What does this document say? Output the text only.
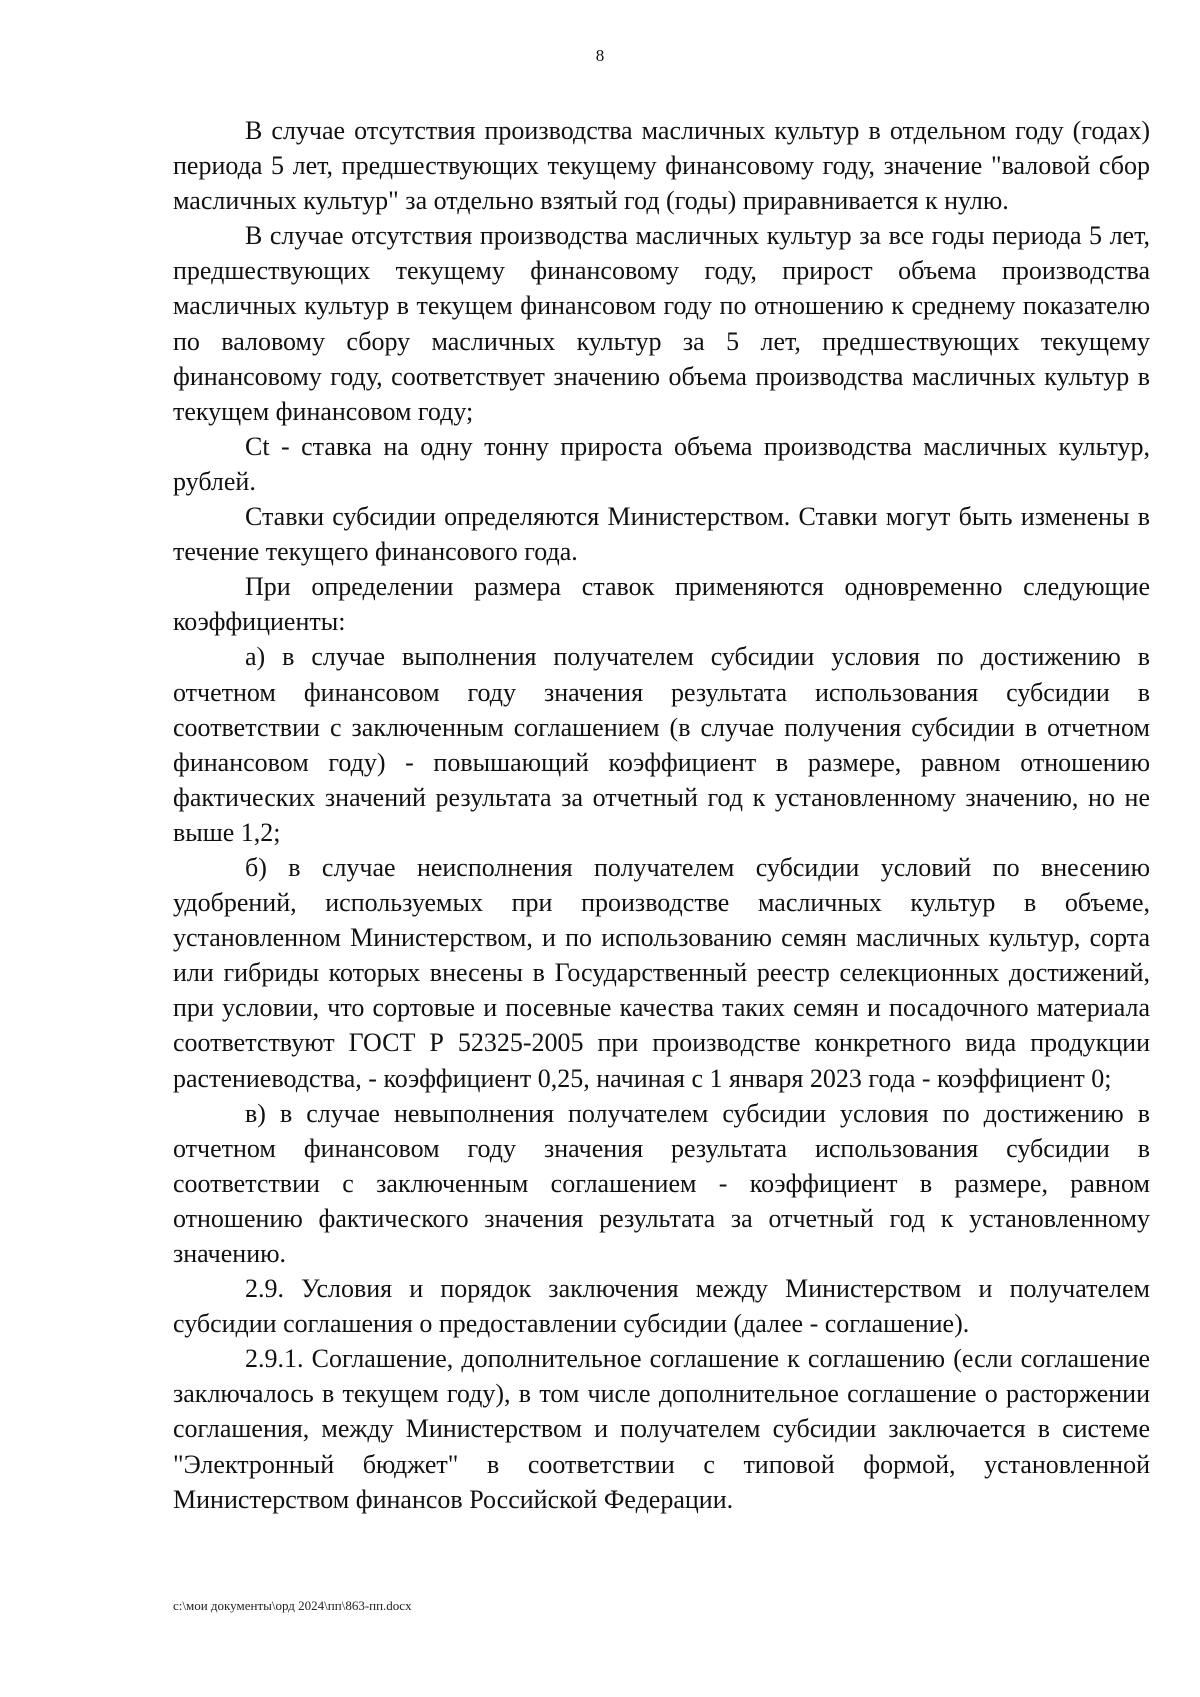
8

В случае отсутствия производства масличных культур в отдельном году (годах) периода 5 лет, предшествующих текущему финансовому году, значение "валовой сбор масличных культур" за отдельно взятый год (годы) приравнивается к нулю.

В случае отсутствия производства масличных культур за все годы периода 5 лет, предшествующих текущему финансовому году, прирост объема производства масличных культур в текущем финансовом году по отношению к среднему показателю по валовому сбору масличных культур за 5 лет, предшествующих текущему финансовому году, соответствует значению объема производства масличных культур в текущем финансовом году;

Ct - ставка на одну тонну прироста объема производства масличных культур, рублей.

Ставки субсидии определяются Министерством. Ставки могут быть изменены в течение текущего финансового года.

При определении размера ставок применяются одновременно следующие коэффициенты:

а) в случае выполнения получателем субсидии условия по достижению в отчетном финансовом году значения результата использования субсидии в соответствии с заключенным соглашением (в случае получения субсидии в отчетном финансовом году) - повышающий коэффициент в размере, равном отношению фактических значений результата за отчетный год к установленному значению, но не выше 1,2;

б) в случае неисполнения получателем субсидии условий по внесению удобрений, используемых при производстве масличных культур в объеме, установленном Министерством, и по использованию семян масличных культур, сорта или гибриды которых внесены в Государственный реестр селекционных достижений, при условии, что сортовые и посевные качества таких семян и посадочного материала соответствуют ГОСТ Р 52325-2005 при производстве конкретного вида продукции растениеводства, - коэффициент 0,25, начиная с 1 января 2023 года - коэффициент 0;

в) в случае невыполнения получателем субсидии условия по достижению в отчетном финансовом году значения результата использования субсидии в соответствии с заключенным соглашением - коэффициент в размере, равном отношению фактического значения результата за отчетный год к установленному значению.

2.9. Условия и порядок заключения между Министерством и получателем субсидии соглашения о предоставлении субсидии (далее - соглашение).

2.9.1. Соглашение, дополнительное соглашение к соглашению (если соглашение заключалось в текущем году), в том числе дополнительное соглашение о расторжении соглашения, между Министерством и получателем субсидии заключается в системе "Электронный бюджет" в соответствии с типовой формой, установленной Министерством финансов Российской Федерации.

c:\мои документы\орд 2024\пп\863-пп.docx
